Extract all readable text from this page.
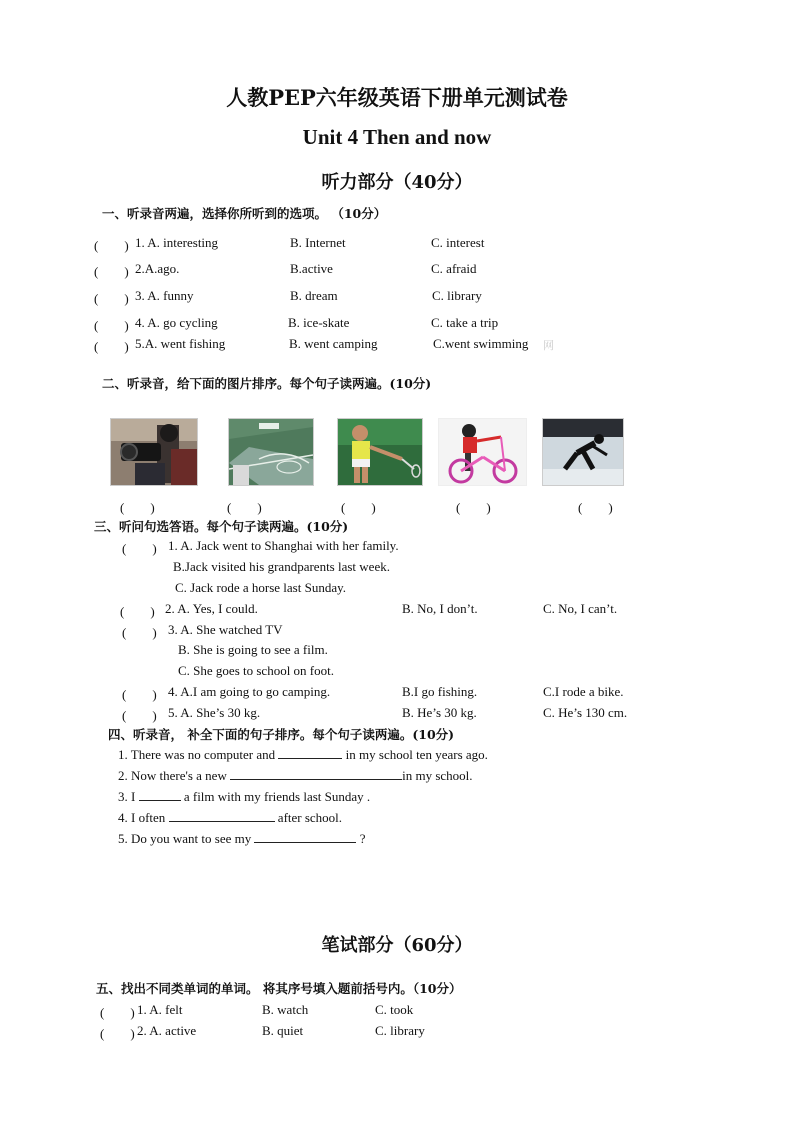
人教PEP六年级英语下册单元测试卷
Unit 4 Then and now
听力部分（40分）
一、听录音两遍，选择你所听到的选项。 （10分）
(　　) 1. A. interesting	B. Internet	C. interest
(　　) 2.A.ago.	B.active	C. afraid
(　　) 3. A. funny	B. dream	C. library
(　　) 4. A. go cycling	B. ice-skate	C. take a trip
(　　) 5.A. went fishing	B. went camping	C.went swimming 网
二、听录音，给下面的图片排序。每个句子读两遍。(10分)
(　　)	(　　)	(　　)	(　　)	(　　)
三、听问句选答语。每个句子读两遍。(10分)
(　　) 1. A. Jack went to Shanghai with her family.
B.Jack visited his grandparents last week.
C. Jack rode a horse last Sunday.
(　　) 2. A. Yes, I could.	B. No, I don’t.	C. No, I can’t.
(　　) 3. A. She watched TV
B. She is going to see a film.
C. She goes to school on foot.
(　　) 4. A.I am going to go camping.	B.I go fishing.	C.I rode a bike.
(　　) 5. A. She’s 30 kg.	B. He’s 30 kg.	C. He’s 130 cm.
四、听录音， 补全下面的句子排序。每个句子读两遍。(10分)
1. There was no computer and	in my school ten years ago.
2. Now there's a new	in my school.
3. I	a film with my friends last Sunday .
4. I often	after school.
5. Do you want to see my	?
笔试部分（60分）
五、找出不同类单词的单词。 将其序号填入题前括号内。（10分）
(　　) 1. A. felt	B. watch	C. took
(　　) 2. A. active	B. quiet	C. library
